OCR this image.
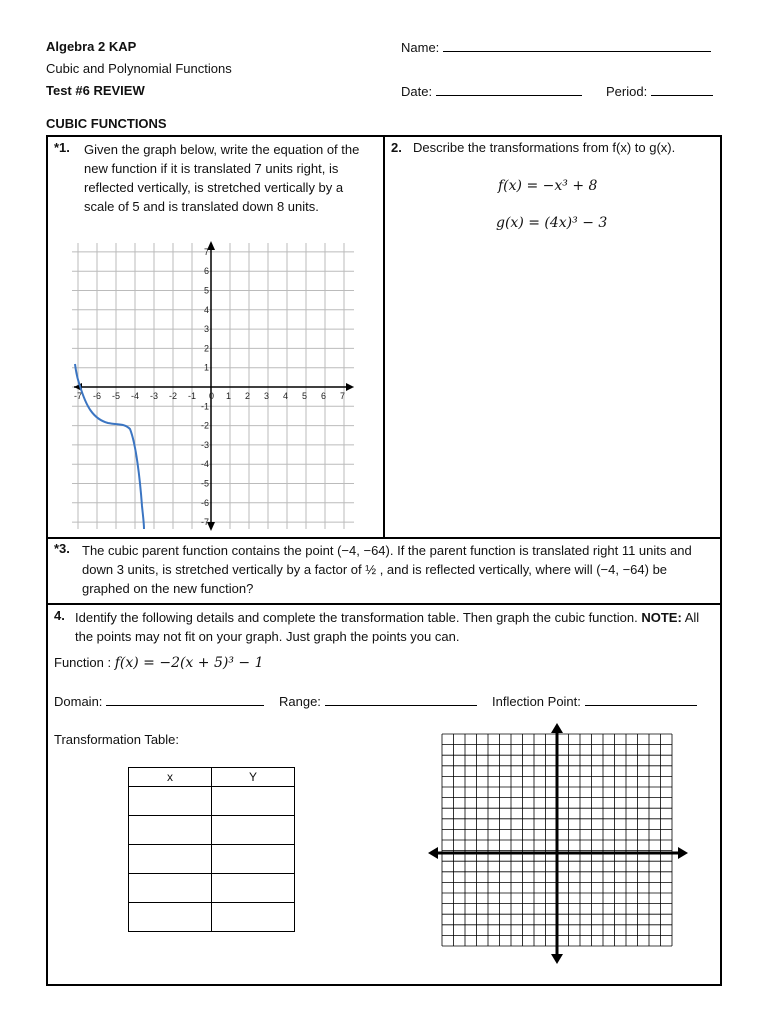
Algebra 2 KAP
Cubic and Polynomial Functions
Test #6 REVIEW
Name:
Date:	Period:
CUBIC FUNCTIONS
*1. Given the graph below, write the equation of the new function if it is translated 7 units right, is reflected vertically, is stretched vertically by a scale of 5 and is translated down 8 units.
-7 -6 -5 -4 -3 -2 -1 0 1 2 3 4 5 6 7
7
6
5
4
3
2
1
-1
-2
-3
-4
-5
-6
-7
2. Describe the transformations from f(x) to g(x).
f(x) = −x³ + 8
g(x) = (4x)³ − 3
*3. The cubic parent function contains the point (−4, −64). If the parent function is translated right 11 units and down 3 units, is stretched vertically by a factor of ½ , and is reflected vertically, where will (−4, −64) be graphed on the new function?
4. Identify the following details and complete the transformation table. Then graph the cubic function. NOTE: All the points may not fit on your graph. Just graph the points you can.
Function : f(x) = −2(x + 5)³ − 1
Domain:	Range:	Inflection Point:
Transformation Table:
x	Y
